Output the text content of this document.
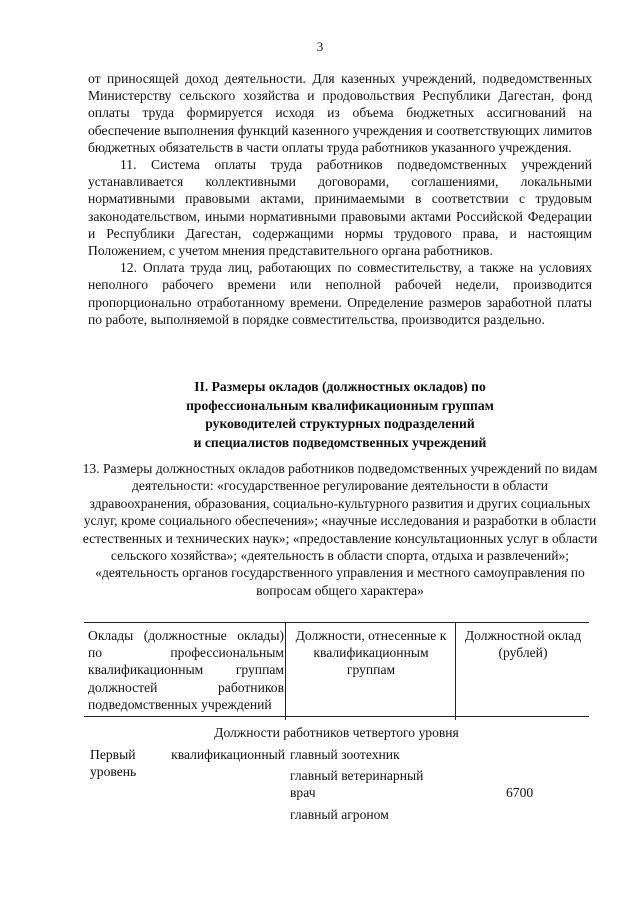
3

от приносящей доход деятельности. Для казенных учреждений, подведомственных Министерству сельского хозяйства и продовольствия Республики Дагестан, фонд оплаты труда формируется исходя из объема бюджетных ассигнований на обеспечение выполнения функций казенного учреждения и соответствующих лимитов бюджетных обязательств в части оплаты труда работников указанного учреждения.

11. Система оплаты труда работников подведомственных учреждений устанавливается коллективными договорами, соглашениями, локальными нормативными правовыми актами, принимаемыми в соответствии с трудовым законодательством, иными нормативными правовыми актами Российской Федерации и Республики Дагестан, содержащими нормы трудового права, и настоящим Положением, с учетом мнения представительного органа работников.

12. Оплата труда лиц, работающих по совместительству, а также на условиях неполного рабочего времени или неполной рабочей недели, производится пропорционально отработанному времени. Определение размеров заработной платы по работе, выполняемой в порядке совместительства, производится раздельно.

II. Размеры окладов (должностных окладов) по
профессиональным квалификационным группам
руководителей структурных подразделений
и специалистов подведомственных учреждений
13. Размеры должностных окладов работников подведомственных учреждений по видам деятельности: «государственное регулирование деятельности в области здравоохранения, образования, социально-культурного развития и других социальных услуг, кроме социального обеспечения»; «научные исследования и разработки в области естественных и технических наук»; «предоставление консультационных услуг в области сельского хозяйства»; «деятельность в области спорта, отдыха и развлечений»; «деятельность органов государственного управления и местного самоуправления по вопросам общего характера»
Оклады (должностные оклады) по профессиональным квалификационным группам должностей работников подведомственных учреждений
Должности, отнесенные к квалификационным группам
Должностной оклад (рублей)
Должности работников четвертого уровня
Первый	квалификационный
уровень
главный зоотехник
главный ветеринарный
врач
главный агроном
6700
